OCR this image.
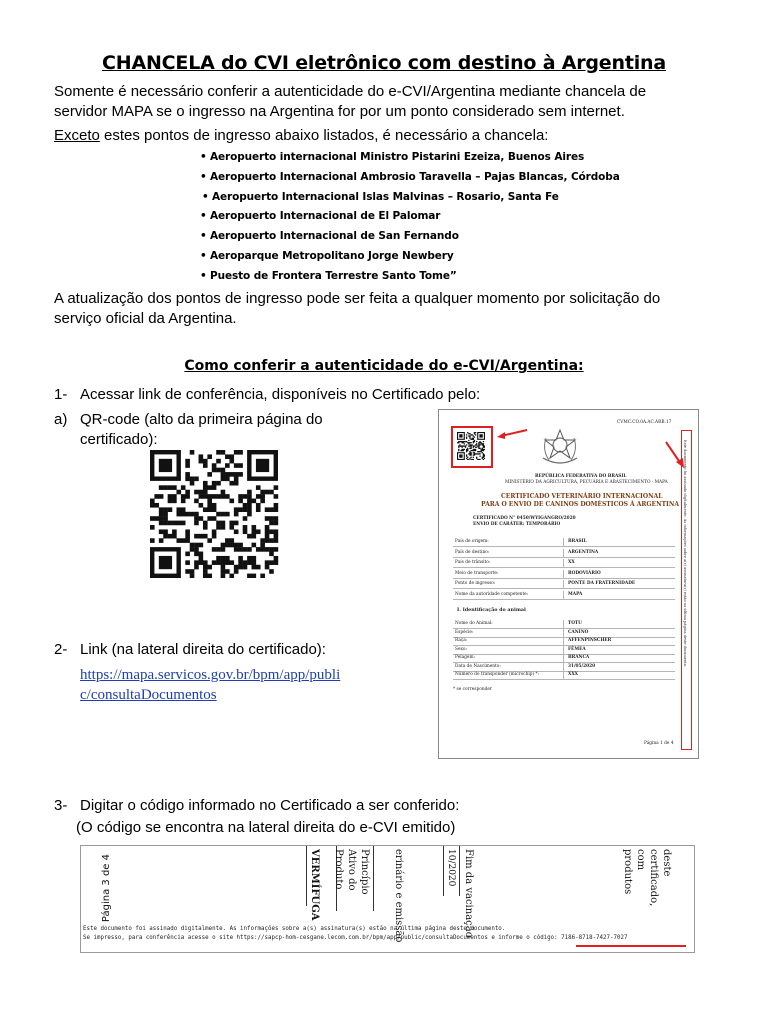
CHANCELA do CVI eletrônico com destino à Argentina
Somente é necessário conferir a autenticidade do e-CVI/Argentina mediante chancela de
servidor MAPA se o ingresso na Argentina for por um ponto considerado sem internet.
Exceto estes pontos de ingresso abaixo listados, é necessário a chancela:
• Aeropuerto internacional Ministro Pistarini Ezeiza, Buenos Aires
• Aeropuerto Internacional Ambrosio Taravella – Pajas Blancas, Córdoba
• Aeropuerto Internacional Islas Malvinas – Rosario, Santa Fe
• Aeropuerto Internacional de El Palomar
• Aeropuerto Internacional de San Fernando
• Aeroparque Metropolitano Jorge Newbery
• Puesto de Frontera Terrestre Santo Tome”
A atualização dos pontos de ingresso pode ser feita a qualquer momento por solicitação do
serviço oficial da Argentina.
Como conferir a autenticidade do e-CVI/Argentina:
1- Acessar link de conferência, disponíveis no Certificado pelo:
a) QR-code (alto da primeira página do
certificado):
2- Link (na lateral direita do certificado):
https://mapa.servicos.gov.br/bpm/app/publi
c/consultaDocumentos
CVMC.CO.0A.AC.ARB.17
REPÚBLICA FEDERATIVA DO BRASIL
MINISTÉRIO DA AGRICULTURA, PECUÁRIA E ABASTECIMENTO - MAPA
CERTIFICADO VETERINÁRIO INTERNACIONAL
PARA O ENVIO DE CANINOS DOMÉSTICOS À ARGENTINA
CERTIFICADO N° 0450/WYIGANGRO/2020
ENVIO DE CARÁTER: TEMPORÁRIO
I. Identificação do animal
* se corresponder
Página 1 de 4
Este documento foi assinado digitalmente. As informações sobre a(s) assinatura(s) estão na última página deste documento.
País de origem:	BRASIL
País de destino:	ARGENTINA
País de trânsito:	XX
Meio de transporte:	RODOVIÁRIO
Ponto de ingresso:	PONTE DA FRATERNIDADE
Nome da autoridade competente:	MAPA
Nome do Animal:	TOTU
Espécie:	CANINO
Raça:	AFFENPINSCHER
Sexo:	FÊMEA
Pelagem:	BRANCA
Data de Nascimento:	31/05/2020
Número do transponder (microchip) *:	XXX
3- Digitar o código informado no Certificado a ser conferido:
(O código se encontra na lateral direita do e-CVI emitido)
Página 3 de 4	VERMÍFUGA	Princípio Ativo do Produto	erinário e emissão	10/2020 Fim da vacinação	deste certificado, com produtos
Este documento foi assinado digitalmente. As informações sobre a(s) assinatura(s) estão na última página deste documento.
Se impresso, para conferência acesse o site https://sapcp-hom-cesgane.lecom.com.br/bpm/app/public/consultaDocumentos e informe o código: 7186-8718-7427-7027
